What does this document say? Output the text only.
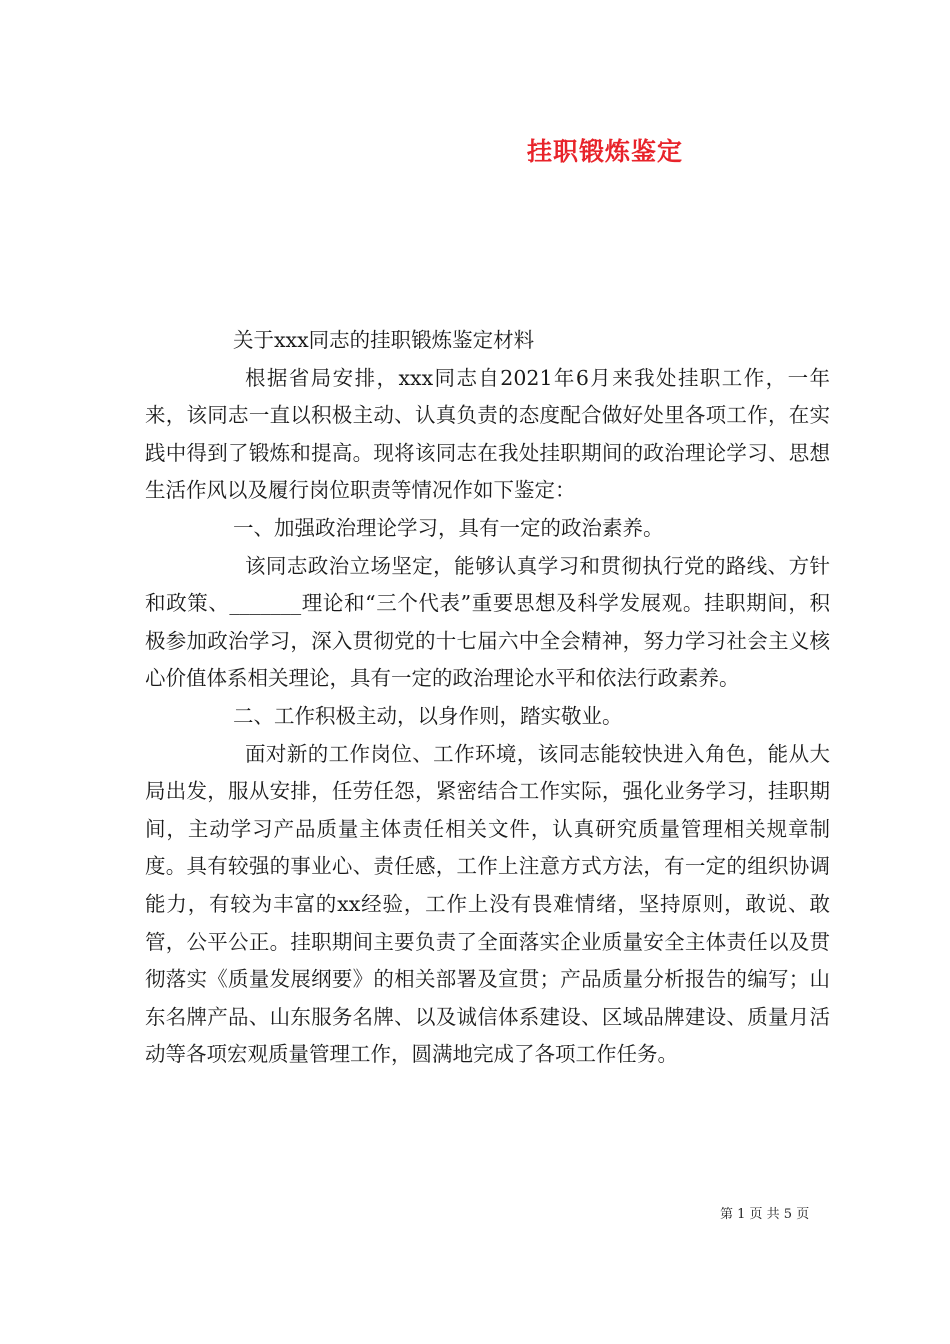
挂职锻炼鉴定

关于xxx同志的挂职锻炼鉴定材料

根据省局安排，xxx同志自2021年6月来我处挂职工作，一年来，该同志一直以积极主动、认真负责的态度配合做好处里各项工作，在实践中得到了锻炼和提高。现将该同志在我处挂职期间的政治理论学习、思想生活作风以及履行岗位职责等情况作如下鉴定：

一、加强政治理论学习，具有一定的政治素养。

该同志政治立场坚定，能够认真学习和贯彻执行党的路线、方针和政策、_______理论和“三个代表”重要思想及科学发展观。挂职期间，积极参加政治学习，深入贯彻党的十七届六中全会精神，努力学习社会主义核心价值体系相关理论，具有一定的政治理论水平和依法行政素养。

二、工作积极主动，以身作则，踏实敬业。

面对新的工作岗位、工作环境，该同志能较快进入角色，能从大局出发，服从安排，任劳任怨，紧密结合工作实际，强化业务学习，挂职期间，主动学习产品质量主体责任相关文件，认真研究质量管理相关规章制度。具有较强的事业心、责任感，工作上注意方式方法，有一定的组织协调能力，有较为丰富的xx经验，工作上没有畏难情绪，坚持原则，敢说、敢管，公平公正。挂职期间主要负责了全面落实企业质量安全主体责任以及贯彻落实《质量发展纲要》的相关部署及宣贯；产品质量分析报告的编写；山东名牌产品、山东服务名牌、以及诚信体系建设、区域品牌建设、质量月活动等各项宏观质量管理工作，圆满地完成了各项工作任务。

第 1 页 共 5 页
